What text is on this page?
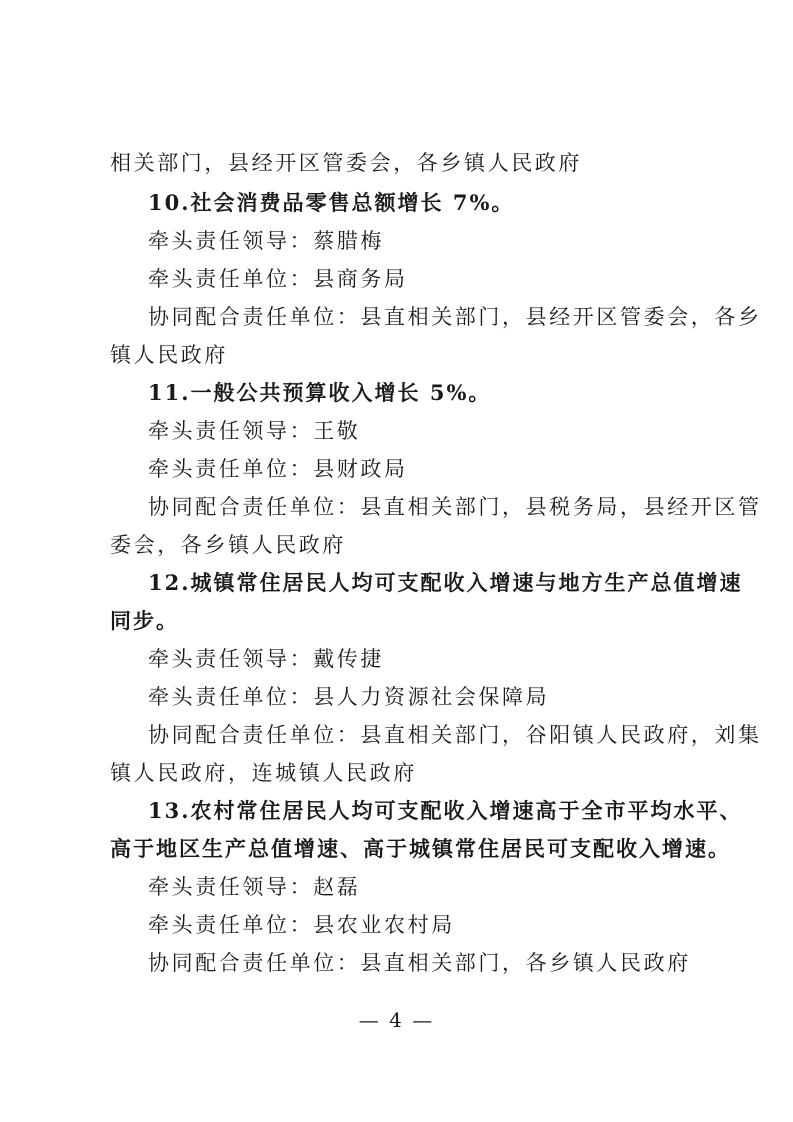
相关部门，县经开区管委会，各乡镇人民政府
10.社会消费品零售总额增长 7%。
牵头责任领导：蔡腊梅
牵头责任单位：县商务局
协同配合责任单位：县直相关部门，县经开区管委会，各乡
镇人民政府
11.一般公共预算收入增长 5%。
牵头责任领导：王敬
牵头责任单位：县财政局
协同配合责任单位：县直相关部门，县税务局，县经开区管
委会，各乡镇人民政府
12.城镇常住居民人均可支配收入增速与地方生产总值增速
同步。
牵头责任领导：戴传捷
牵头责任单位：县人力资源社会保障局
协同配合责任单位：县直相关部门，谷阳镇人民政府，刘集
镇人民政府，连城镇人民政府
13.农村常住居民人均可支配收入增速高于全市平均水平、
高于地区生产总值增速、高于城镇常住居民可支配收入增速。
牵头责任领导：赵磊
牵头责任单位：县农业农村局
协同配合责任单位：县直相关部门，各乡镇人民政府
— 4 —
